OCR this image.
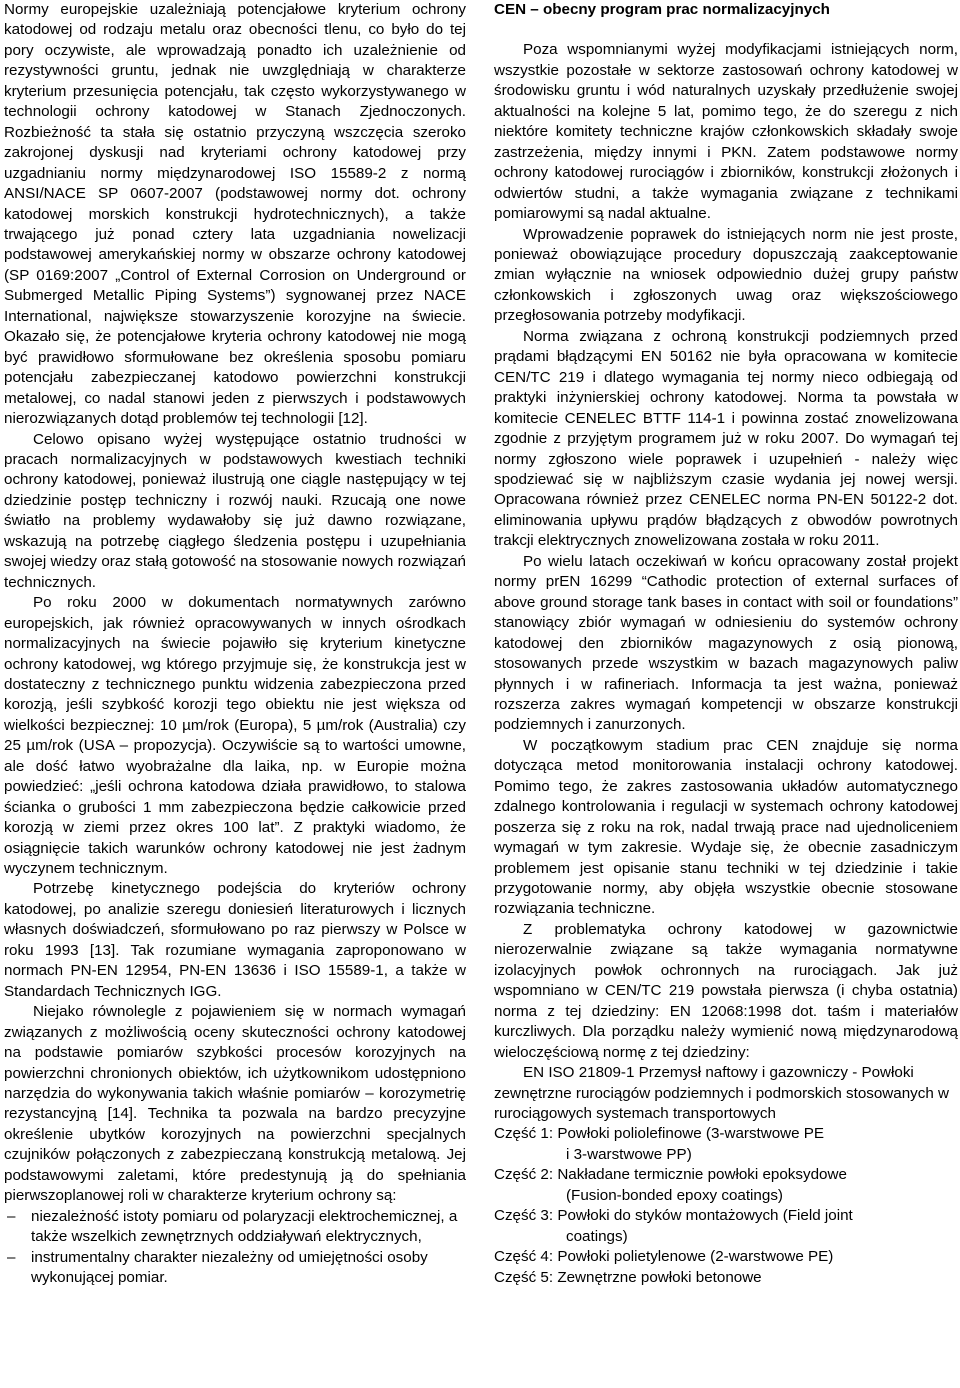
Normy europejskie uzależniają potencjałowe kryterium ochrony katodowej od rodzaju metalu oraz obecności tlenu, co było do tej pory oczywiste, ale wprowadzają ponadto ich uzależnienie od rezystywności gruntu, jednak nie uwzględniają w charakterze kryterium przesunięcia potencjału, tak często wykorzystywanego w technologii ochrony katodowej w Stanach Zjednoczonych. Rozbieżność ta stała się ostatnio przyczyną wszczęcia szeroko zakrojonej dyskusji nad kryteriami ochrony katodowej przy uzgadnianiu normy międzynarodowej ISO 15589-2 z normą ANSI/NACE SP 0607-2007 (podstawowej normy dot. ochrony katodowej morskich konstrukcji hydrotechnicznych), a także trwającego już ponad cztery lata uzgadniania nowelizacji podstawowej amerykańskiej normy w obszarze ochrony katodowej (SP 0169:2007 „Control of External Corrosion on Underground or Submerged Metallic Piping Systems”) sygnowanej przez NACE International, największe stowarzyszenie korozyjne na świecie. Okazało się, że potencjałowe kryteria ochrony katodowej nie mogą być prawidłowo sformułowane bez określenia sposobu pomiaru potencjału zabezpieczanej katodowo powierzchni konstrukcji metalowej, co nadal stanowi jeden z pierwszych i podstawowych nierozwiązanych dotąd problemów tej technologii [12].

Celowo opisano wyżej występujące ostatnio trudności w pracach normalizacyjnych w podstawowych kwestiach techniki ochrony katodowej, ponieważ ilustrują one ciągle następujący w tej dziedzinie postęp techniczny i rozwój nauki. Rzucają one nowe światło na problemy wydawałoby się już dawno rozwiązane, wskazują na potrzebę ciągłego śledzenia postępu i uzupełniania swojej wiedzy oraz stałą gotowość na stosowanie nowych rozwiązań technicznych.

Po roku 2000 w dokumentach normatywnych zarówno europejskich, jak również opracowywanych w innych ośrodkach normalizacyjnych na świecie pojawiło się kryterium kinetyczne ochrony katodowej, wg którego przyjmuje się, że konstrukcja jest w dostateczny z technicznego punktu widzenia zabezpieczona przed korozją, jeśli szybkość korozji tego obiektu nie jest większa od wielkości bezpiecznej: 10 µm/rok (Europa), 5 µm/rok (Australia) czy 25 µm/rok (USA – propozycja). Oczywiście są to wartości umowne, ale dość łatwo wyobrażalne dla laika, np. w Europie można powiedzieć: „jeśli ochrona katodowa działa prawidłowo, to stalowa ścianka o grubości 1 mm zabezpieczona będzie całkowicie przed korozją w ziemi przez okres 100 lat”. Z praktyki wiadomo, że osiągnięcie takich warunków ochrony katodowej nie jest żadnym wyczynem technicznym.

Potrzebę kinetycznego podejścia do kryteriów ochrony katodowej, po analizie szeregu doniesień literaturowych i licznych własnych doświadczeń, sformułowano po raz pierwszy w Polsce w roku 1993 [13]. Tak rozumiane wymagania zaproponowano w normach PN-EN 12954, PN-EN 13636 i ISO 15589-1, a także w Standardach Technicznych IGG.

Niejako równolegle z pojawieniem się w normach wymagań związanych z możliwością oceny skuteczności ochrony katodowej na podstawie pomiarów szybkości procesów korozyjnych na powierzchni chronionych obiektów, ich użytkownikom udostępniono narzędzia do wykonywania takich właśnie pomiarów – korozymetrię rezystancyjną [14]. Technika ta pozwala na bardzo precyzyjne określenie ubytków korozyjnych na powierzchni specjalnych czujników połączonych z zabezpieczaną konstrukcją metalową. Jej podstawowymi zaletami, które predestynują ją do spełniania pierwszoplanowej roli w charakterze kryterium ochrony są:

– niezależność istoty pomiaru od polaryzacji elektrochemicznej, a także wszelkich zewnętrznych oddziaływań elektrycznych,
– instrumentalny charakter niezależny od umiejętności osoby wykonującej pomiar.
CEN – obecny program prac normalizacyjnych

Poza wspomnianymi wyżej modyfikacjami istniejących norm, wszystkie pozostałe w sektorze zastosowań ochrony katodowej w środowisku gruntu i wód naturalnych uzyskały przedłużenie swojej aktualności na kolejne 5 lat, pomimo tego, że do szeregu z nich niektóre komitety techniczne krajów członkowskich składały swoje zastrzeżenia, między innymi i PKN. Zatem podstawowe normy ochrony katodowej rurociągów i zbiorników, konstrukcji złożonych i odwiertów studni, a także wymagania związane z technikami pomiarowymi są nadal aktualne.

Wprowadzenie poprawek do istniejących norm nie jest proste, ponieważ obowiązujące procedury dopuszczają zaakceptowanie zmian wyłącznie na wniosek odpowiednio dużej grupy państw członkowskich i zgłoszonych uwag oraz większościowego przegłosowania potrzeby modyfikacji.

Norma związana z ochroną konstrukcji podziemnych przed prądami błądzącymi EN 50162 nie była opracowana w komitecie CEN/TC 219 i dlatego wymagania tej normy nieco odbiegają od praktyki inżynierskiej ochrony katodowej. Norma ta powstała w komitecie CENELEC BTTF 114-1 i powinna zostać znowelizowana zgodnie z przyjętym programem już w roku 2007. Do wymagań tej normy zgłoszono wiele poprawek i uzupełnień - należy więc spodziewać się w najbliższym czasie wydania jej nowej wersji. Opracowana również przez CENELEC norma PN-EN 50122-2 dot. eliminowania upływu prądów błądzących z obwodów powrotnych trakcji elektrycznych znowelizowana została w roku 2011.

Po wielu latach oczekiwań w końcu opracowany został projekt normy prEN 16299 “Cathodic protection of external surfaces of above ground storage tank bases in contact with soil or foundations” stanowiący zbiór wymagań w odniesieniu do systemów ochrony katodowej den zbiorników magazynowych z osią pionową, stosowanych przede wszystkim w bazach magazynowych paliw płynnych i w rafineriach. Informacja ta jest ważna, ponieważ rozszerza zakres wymagań kompetencji w obszarze konstrukcji podziemnych i zanurzonych.

W początkowym stadium prac CEN znajduje się norma dotycząca metod monitorowania instalacji ochrony katodowej. Pomimo tego, że zakres zastosowania układów automatycznego zdalnego kontrolowania i regulacji w systemach ochrony katodowej poszerza się z roku na rok, nadal trwają prace nad ujednoliceniem wymagań w tym zakresie. Wydaje się, że obecnie zasadniczym problemem jest opisanie stanu techniki w tej dziedzinie i takie przygotowanie normy, aby objęła wszystkie obecnie stosowane rozwiązania techniczne.

Z problematyka ochrony katodowej w gazownictwie nierozerwalnie związane są także wymagania normatywne izolacyjnych powłok ochronnych na rurociągach. Jak już wspomniano w CEN/TC 219 powstała pierwsza (i chyba ostatnia) norma z tej dziedziny: EN 12068:1998 dot. taśm i materiałów kurczliwych. Dla porządku należy wymienić nową międzynarodową wieloczęściową normę z tej dziedziny:

EN ISO 21809-1 Przemysł naftowy i gazowniczy - Powłoki zewnętrzne rurociągów podziemnych i podmorskich stosowanych w rurociągowych systemach transportowych

Część 1: Powłoki poliolefinowe (3-warstwowe PE
i 3-warstwowe PP)
Część 2: Nakładane termicznie powłoki epoksydowe
(Fusion-bonded epoxy coatings)
Część 3: Powłoki do styków montażowych (Field joint
coatings)
Część 4: Powłoki polietylenowe (2-warstwowe PE)
Część 5: Zewnętrzne powłoki betonowe
